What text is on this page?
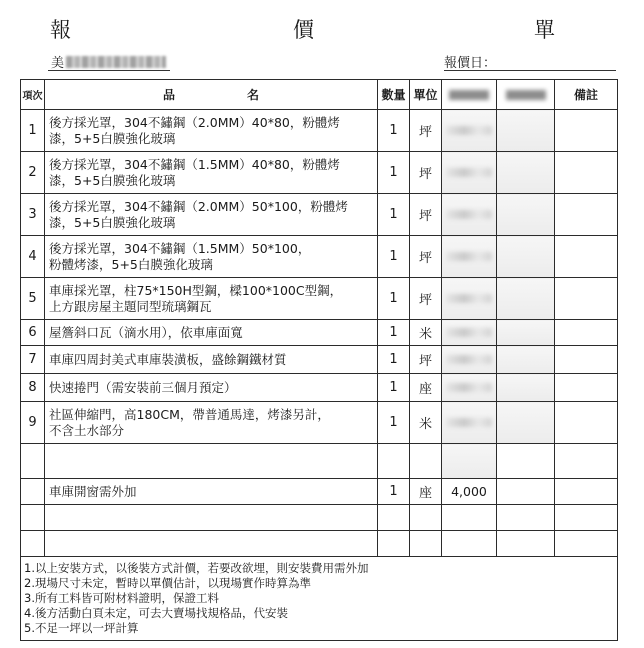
報	價	單
美	報價日：
項次	品　名	數量	單位			備註
1	後方採光罩，304不鏽鋼（2.0MM）40*80，粉體烤
漆，5+5白膜強化玻璃	1	坪	

2	後方採光罩，304不鏽鋼（1.5MM）40*80，粉體烤
漆，5+5白膜強化玻璃	1	坪	

3	後方採光罩，304不鏽鋼（2.0MM）50*100，粉體烤
漆，5+5白膜強化玻璃	1	坪	

4	後方採光罩，304不鏽鋼（1.5MM）50*100，
粉體烤漆，5+5白膜強化玻璃	1	坪	

5	車庫採光罩，柱75*150H型鋼，樑100*100C型鋼，
上方跟房屋主題同型琉璃鋼瓦	1	坪	

6	屋簷斜口瓦（滴水用），依車庫面寬	1	米	

7	車庫四周封美式車庫裝潢板，盛餘鋼鐵材質	1	坪	

8	快速捲門（需安裝前三個月預定）	1	座	

9	社區伸縮門，高180CM，帶普通馬達，烤漆另計，
不含土水部分	1	米	

	車庫開窗需外加	1	座	4,000		

1.以上安裝方式，以後裝方式計價，若要改欲埋，則安裝費用需外加
2.現場尺寸未定，暫時以單價估計，以現場實作時算為準
3.所有工料皆可附材料證明，保證工料
4.後方活動白頁未定，可去大賣場找規格品，代安裝
5.不足一坪以一坪計算						
